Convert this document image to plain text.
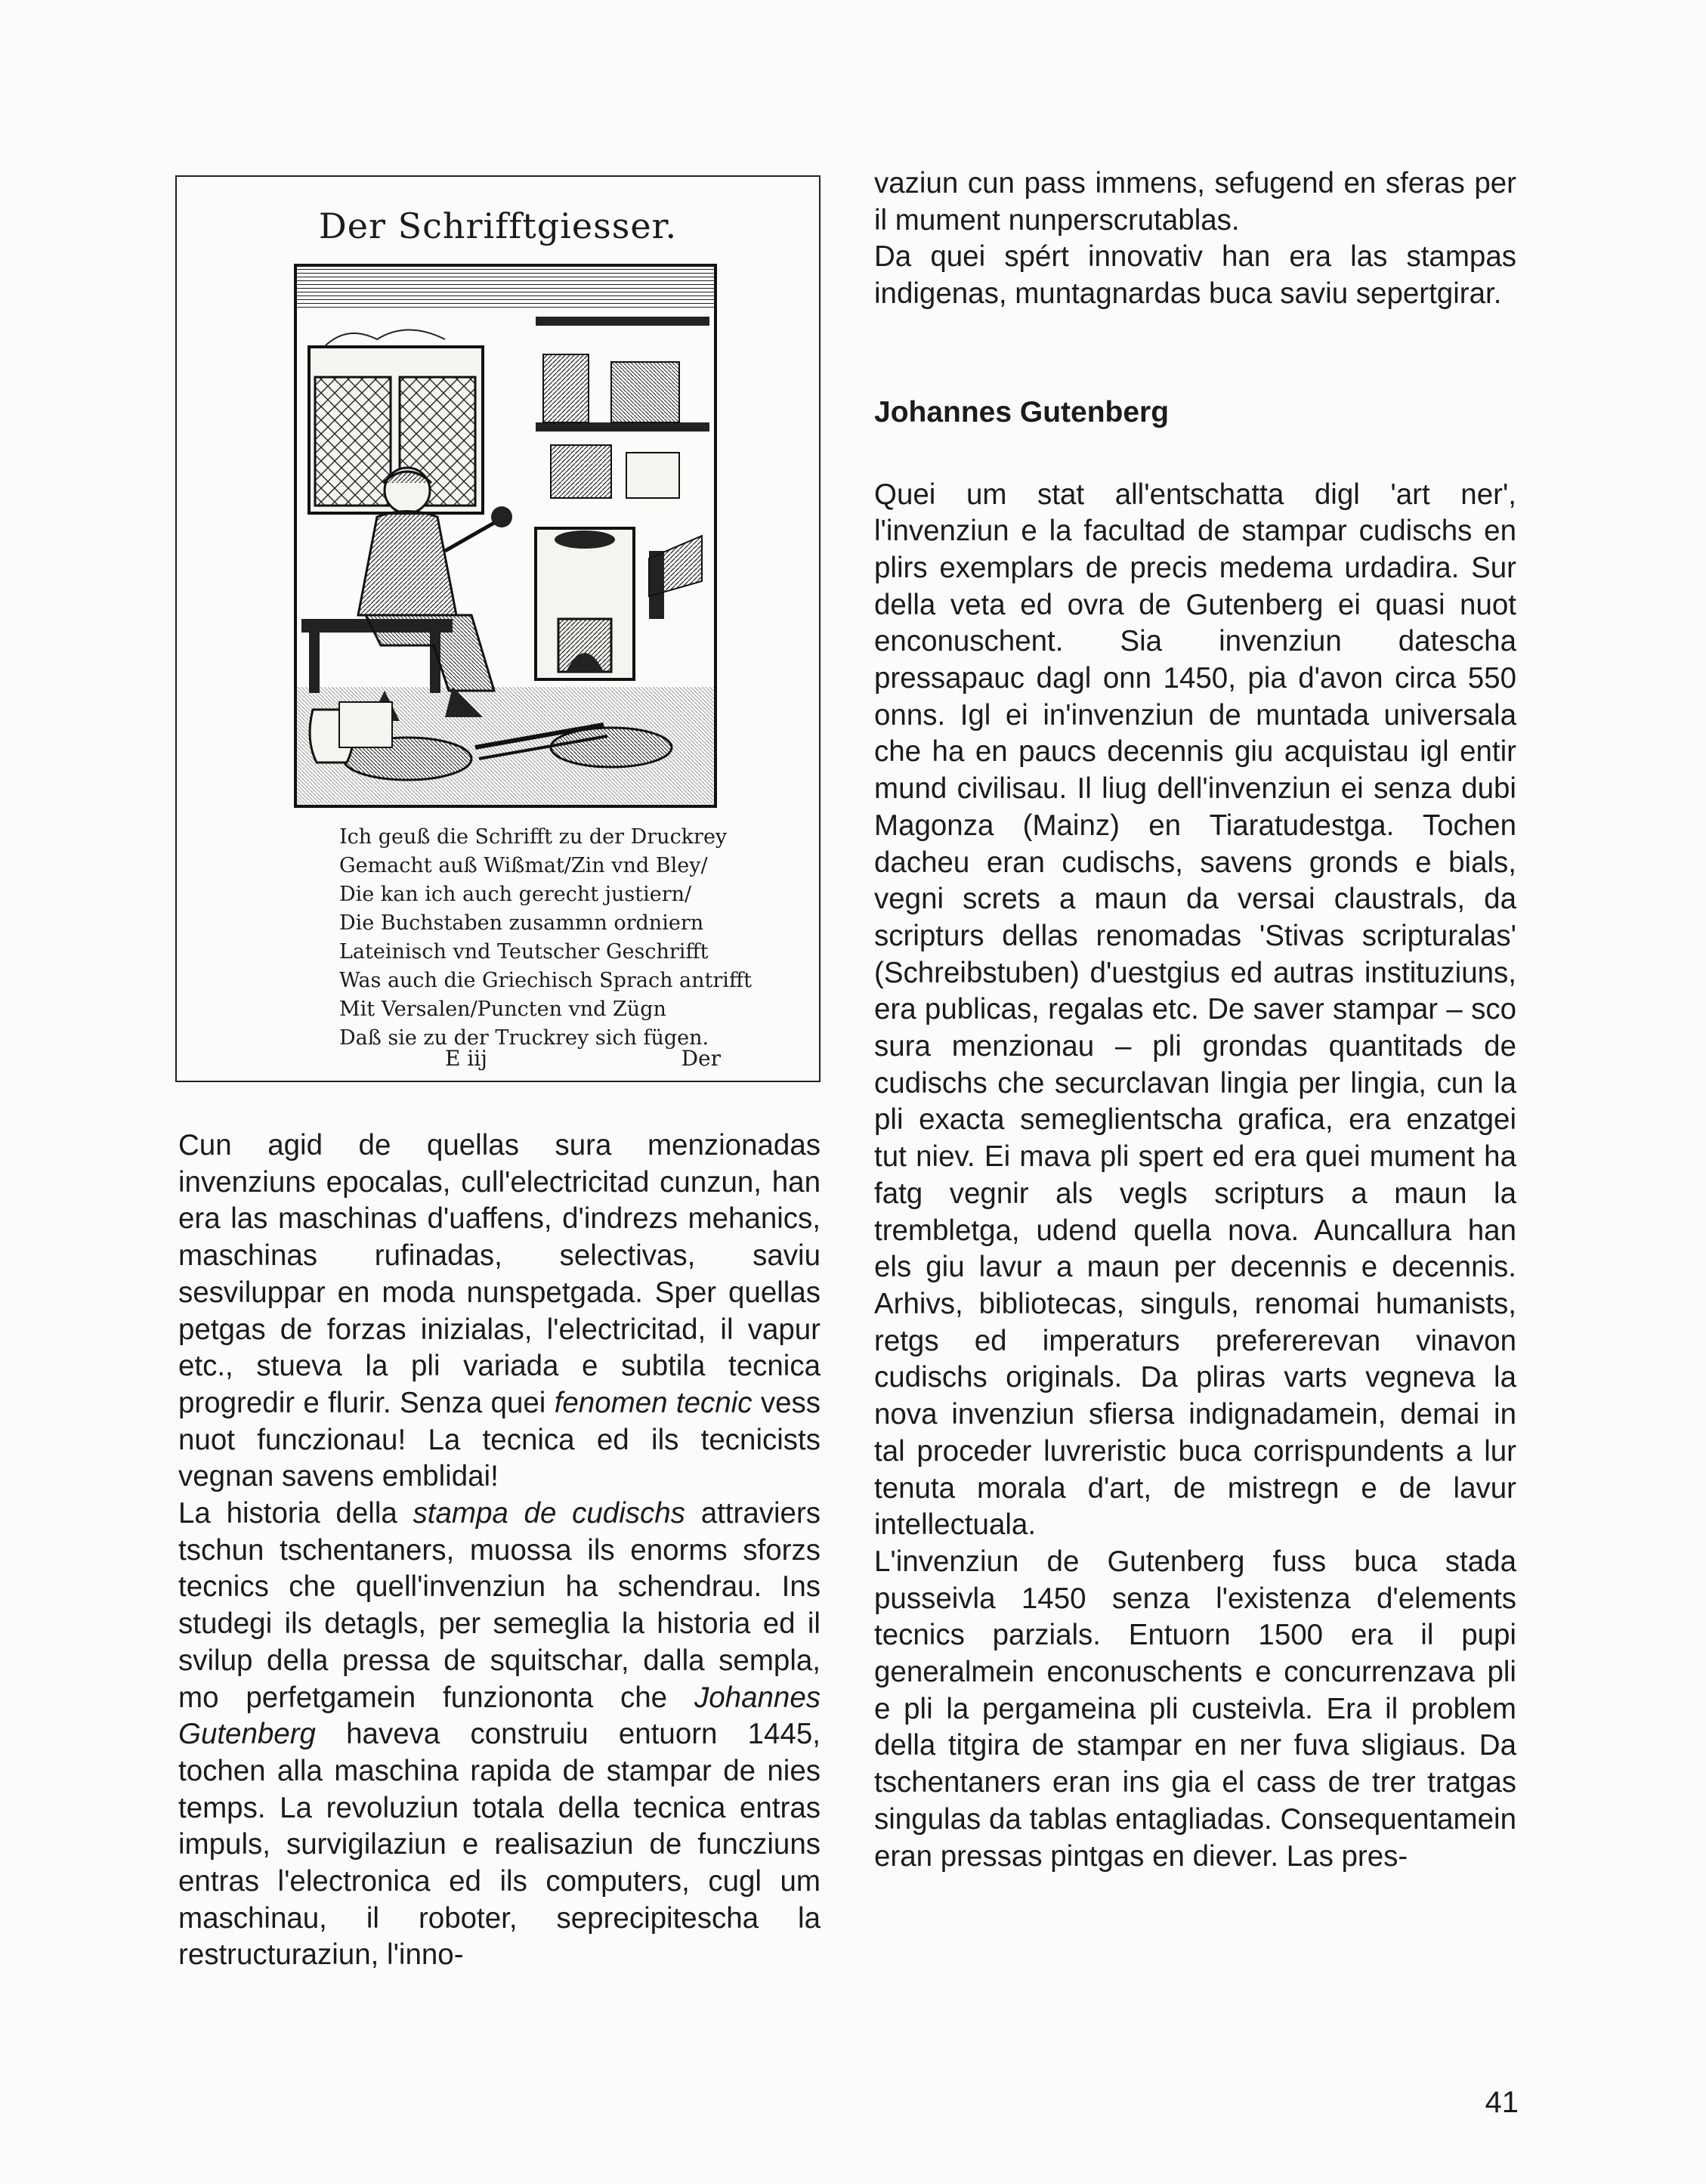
Der Schrifftgiesser.
Ich geuß die Schrifft zu der Druckrey
Gemacht auß Wißmat/Zin vnd Bley/
Die kan ich auch gerecht justiern/
Die Buchstaben zusammn ordniern
Lateinisch vnd Teutscher Geschrifft
Was auch die Griechisch Sprach antrifft
Mit Versalen/Puncten vnd Zügn
Daß sie zu der Truckrey sich fügen.
E iij	Der

Cun agid de quellas sura menzionadas invenziuns epocalas, cull'electricitad cunzun, han era las maschinas d'uaffens, d'indrezs mehanics, maschinas rufinadas, selectivas, saviu sesviluppar en moda nunspetgada. Sper quellas petgas de forzas inizialas, l'electricitad, il vapur etc., stueva la pli variada e subtila tecnica progredir e flurir. Senza quei fenomen tecnic vess nuot funczionau! La tecnica ed ils tecnicists vegnan savens emblidai!

La historia della stampa de cudischs attraviers tschun tschentaners, muossa ils enorms sforzs tecnics che quell'invenziun ha schendrau. Ins studegi ils detagls, per semeglia la historia ed il svilup della pressa de squitschar, dalla sempla, mo perfetgamein funziononta che Johannes Gutenberg haveva construiu entuorn 1445, tochen alla maschina rapida de stampar de nies temps. La revoluziun totala della tecnica entras impuls, survigilaziun e realisaziun de funcziuns entras l'electronica ed ils computers, cugl um maschinau, il roboter, seprecipitescha la restructuraziun, l'inno-

vaziun cun pass immens, sefugend en sferas per il mument nunperscrutablas.

Da quei spért innovativ han era las stampas indigenas, muntagnardas buca saviu sepertgirar.

Johannes Gutenberg

Quei um stat all'entschatta digl 'art ner', l'invenziun e la facultad de stampar cudischs en plirs exemplars de precis medema urdadira. Sur della veta ed ovra de Gutenberg ei quasi nuot enconuschent. Sia invenziun datescha pressapauc dagl onn 1450, pia d'avon circa 550 onns. Igl ei in'invenziun de muntada universala che ha en paucs decennis giu acquistau igl entir mund civilisau. Il liug dell'invenziun ei senza dubi Magonza (Mainz) en Tiaratudestga. Tochen dacheu eran cudischs, savens gronds e bials, vegni screts a maun da versai claustrals, da scripturs dellas renomadas 'Stivas scripturalas' (Schreibstuben) d'uestgius ed autras instituziuns, era publicas, regalas etc. De saver stampar – sco sura menzionau – pli grondas quantitads de cudischs che securclavan lingia per lingia, cun la pli exacta semeglientscha grafica, era enzatgei tut niev. Ei mava pli spert ed era quei mument ha fatg vegnir als vegls scripturs a maun la trembletga, udend quella nova. Auncallura han els giu lavur a maun per decennis e decennis. Arhivs, bibliotecas, singuls, renomai humanists, retgs ed imperaturs prefererevan vinavon cudischs originals. Da pliras varts vegneva la nova invenziun sfiersa indignadamein, demai in tal proceder luvreristic buca corrispundents a lur tenuta morala d'art, de mistregn e de lavur intellectuala.

L'invenziun de Gutenberg fuss buca stada pusseivla 1450 senza l'existenza d'elements tecnics parzials. Entuorn 1500 era il pupi generalmein enconuschents e concurrenzava pli e pli la pergameina pli custeivla. Era il problem della titgira de stampar en ner fuva sligiaus. Da tschentaners eran ins gia el cass de trer tratgas singulas da tablas entagliadas. Consequentamein eran pressas pintgas en diever. Las pres-

41
